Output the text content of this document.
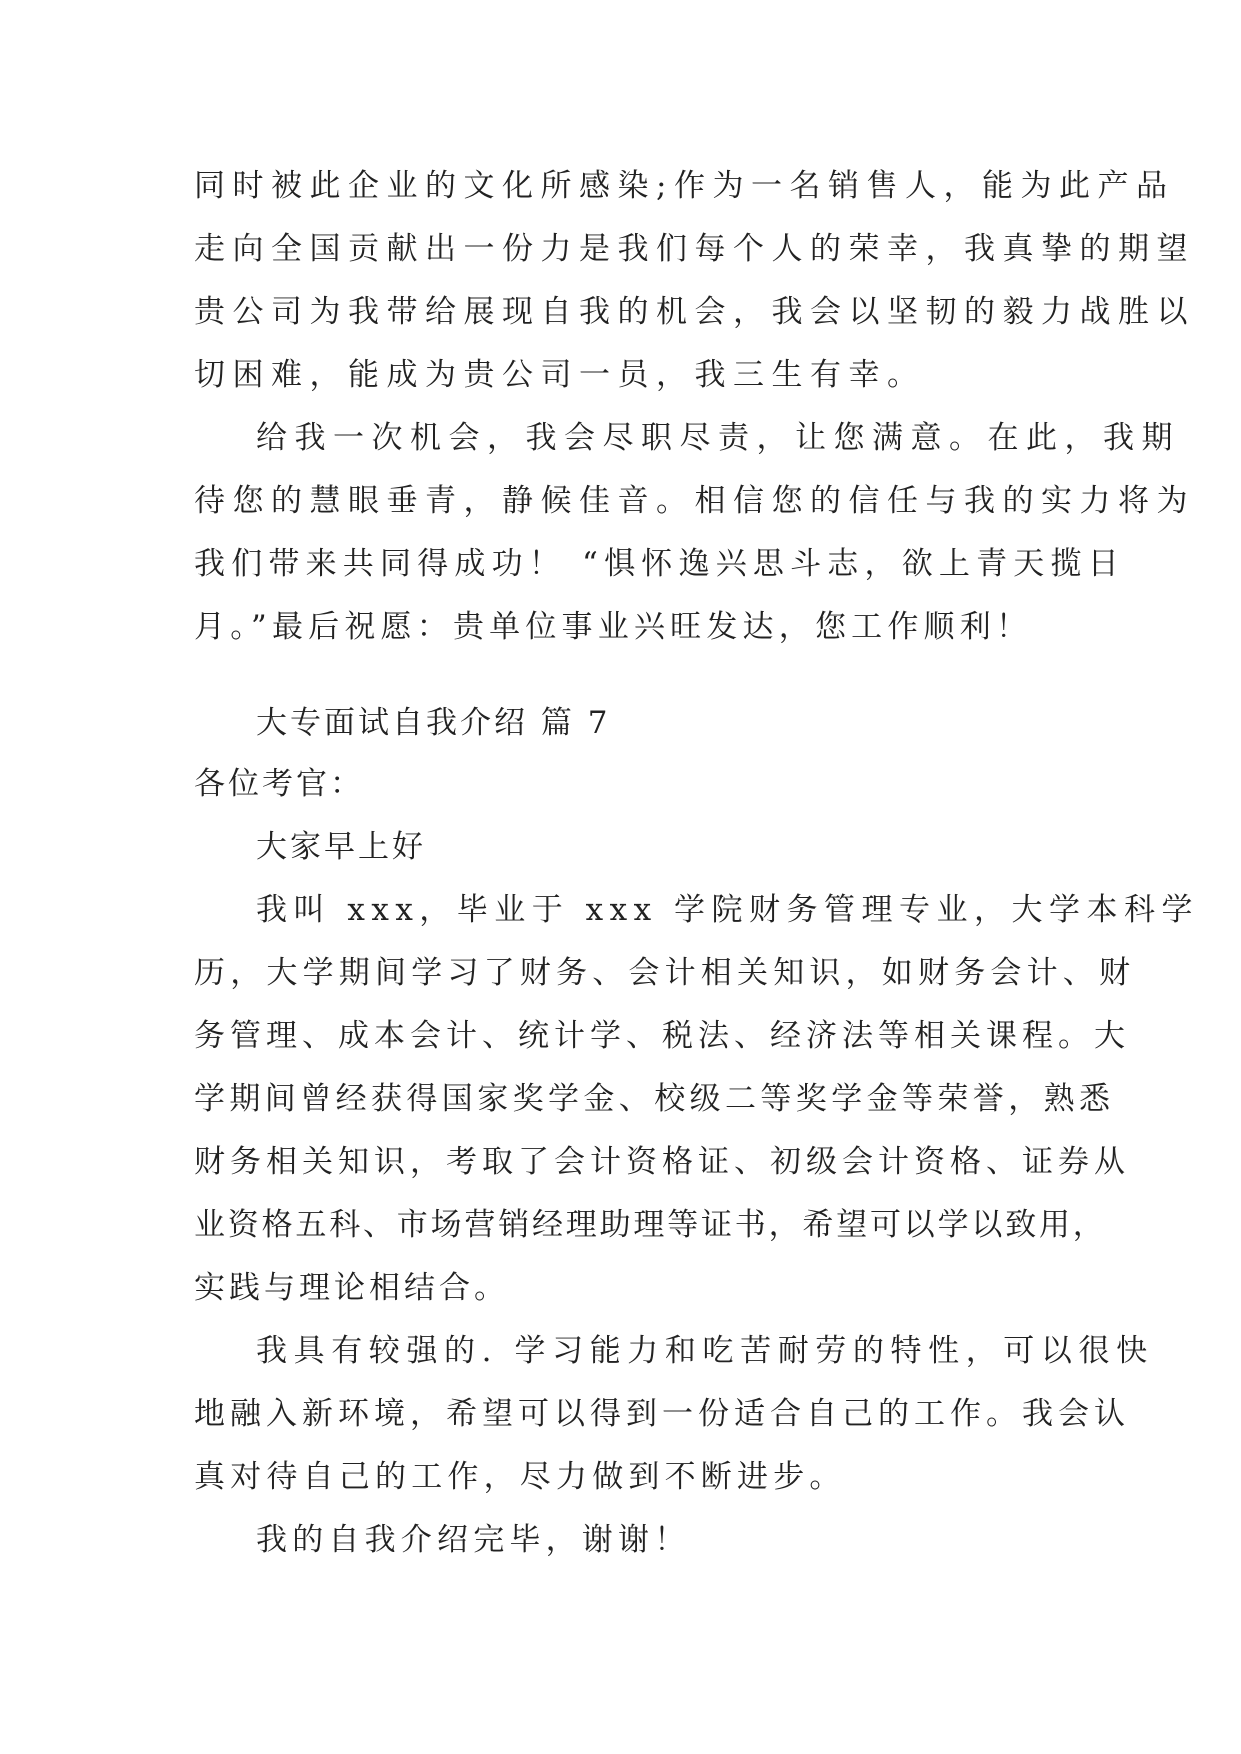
同时被此企业的文化所感染;作为一名销售人，能为此产品
走向全国贡献出一份力是我们每个人的荣幸，我真挚的期望
贵公司为我带给展现自我的机会，我会以坚韧的毅力战胜以
切困难，能成为贵公司一员，我三生有幸。
给我一次机会，我会尽职尽责，让您满意。在此，我期
待您的慧眼垂青，静候佳音。相信您的信任与我的实力将为
我们带来共同得成功！ “惧怀逸兴思斗志，欲上青天揽日
月。”最后祝愿：贵单位事业兴旺发达，您工作顺利！
大专面试自我介绍 篇 7
各位考官：
大家早上好
我叫 xxx，毕业于 xxx 学院财务管理专业，大学本科学
历，大学期间学习了财务、会计相关知识，如财务会计、财
务管理、成本会计、统计学、税法、经济法等相关课程。大
学期间曾经获得国家奖学金、校级二等奖学金等荣誉，熟悉
财务相关知识，考取了会计资格证、初级会计资格、证券从
业资格五科、市场营销经理助理等证书，希望可以学以致用，
实践与理论相结合。
我具有较强的. 学习能力和吃苦耐劳的特性，可以很快
地融入新环境，希望可以得到一份适合自己的工作。我会认
真对待自己的工作，尽力做到不断进步。
我的自我介绍完毕，谢谢！
